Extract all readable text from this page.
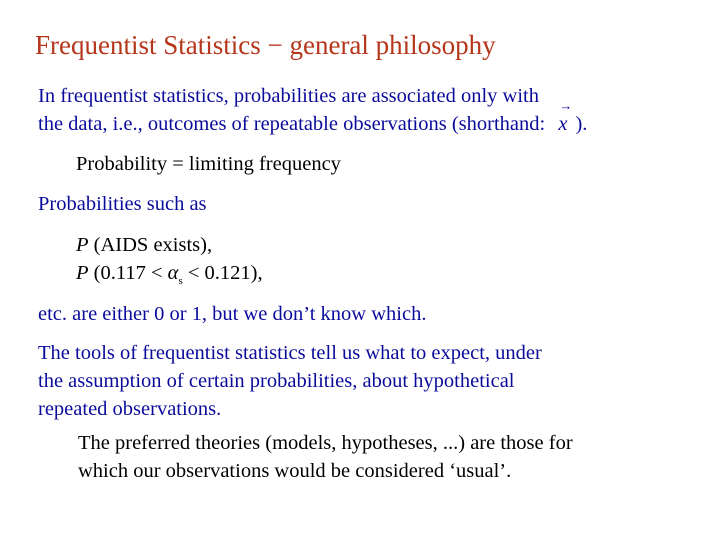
Frequentist Statistics − general philosophy
In frequentist statistics, probabilities are associated only with
the data, i.e., outcomes of repeatable observations (shorthand:
→
x ).
Probability = limiting frequency
Probabilities such as
P (AIDS exists),
P $(0.117 < \alpha_s < 0.121)$,
etc. are either 0 or 1, but we don’t know which.
The tools of frequentist statistics tell us what to expect, under
the assumption of certain probabilities, about hypothetical
repeated observations.
The preferred theories (models, hypotheses, ...) are those for
which our observations would be considered ‘usual’.
